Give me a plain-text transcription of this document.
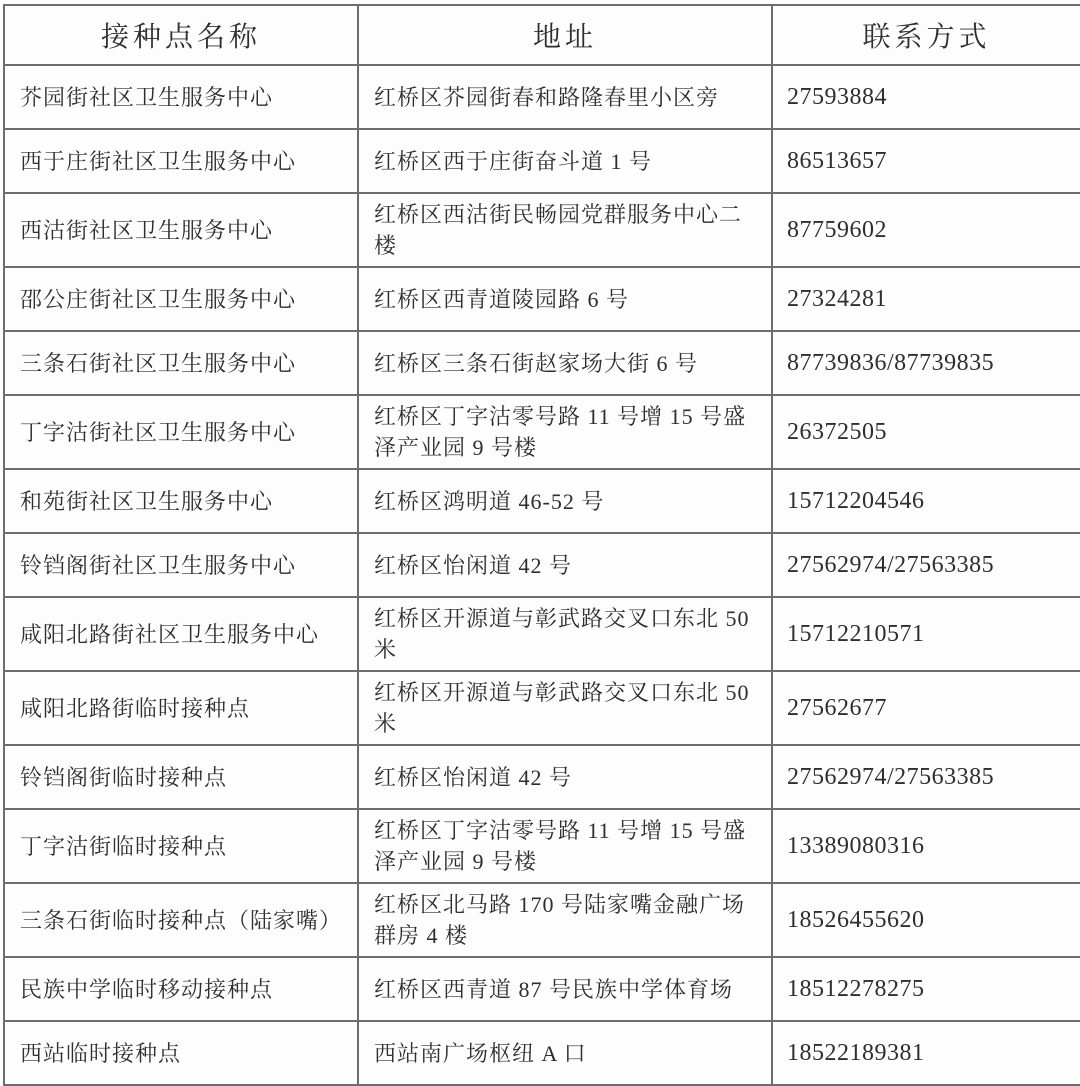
接种点名称	地址	联系方式
芥园街社区卫生服务中心	红桥区芥园街春和路隆春里小区旁	27593884
西于庄街社区卫生服务中心	红桥区西于庄街奋斗道 1 号	86513657
西沽街社区卫生服务中心	红桥区西沽街民畅园党群服务中心二楼	87759602
邵公庄街社区卫生服务中心	红桥区西青道陵园路 6 号	27324281
三条石街社区卫生服务中心	红桥区三条石街赵家场大街 6 号	87739836/87739835
丁字沽街社区卫生服务中心	红桥区丁字沽零号路 11 号增 15 号盛泽产业园 9 号楼	26372505
和苑街社区卫生服务中心	红桥区鸿明道 46-52 号	15712204546
铃铛阁街社区卫生服务中心	红桥区怡闲道 42 号	27562974/27563385
咸阳北路街社区卫生服务中心	红桥区开源道与彰武路交叉口东北 50 米	15712210571
咸阳北路街临时接种点	红桥区开源道与彰武路交叉口东北 50 米	27562677
铃铛阁街临时接种点	红桥区怡闲道 42 号	27562974/27563385
丁字沽街临时接种点	红桥区丁字沽零号路 11 号增 15 号盛泽产业园 9 号楼	13389080316
三条石街临时接种点（陆家嘴）	红桥区北马路 170 号陆家嘴金融广场群房 4 楼	18526455620
民族中学临时移动接种点	红桥区西青道 87 号民族中学体育场	18512278275
西站临时接种点	西站南广场枢纽 A 口	18522189381
